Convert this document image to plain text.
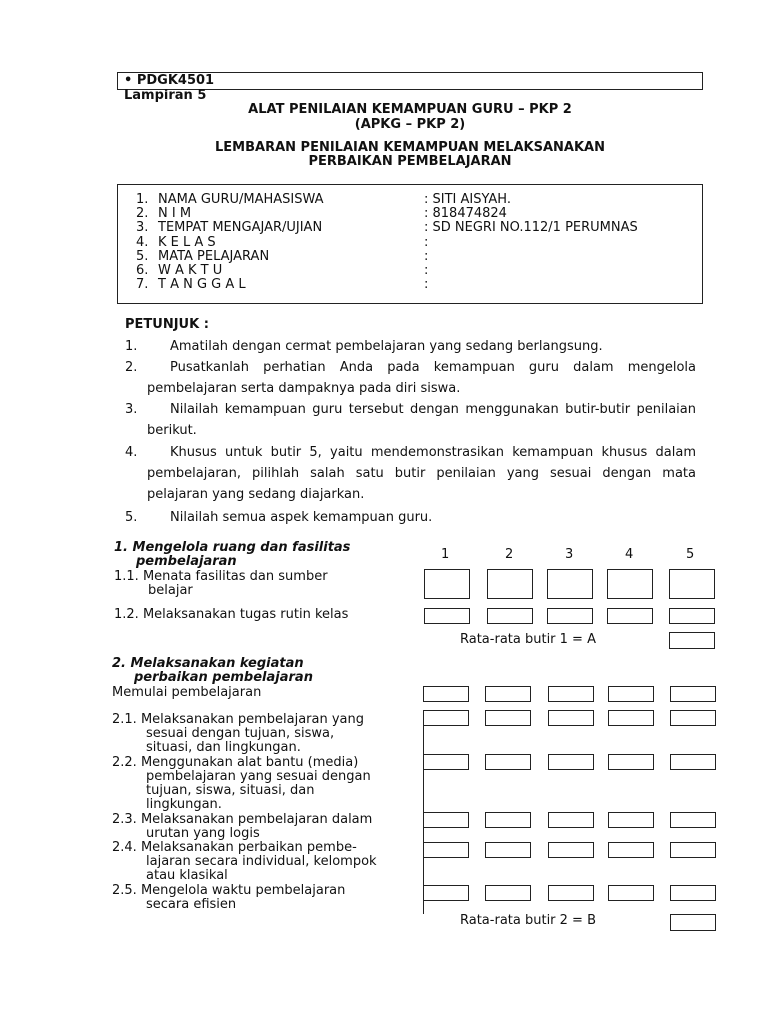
• PDGK4501
Lampiran 5
ALAT PENILAIAN KEMAMPUAN GURU – PKP 2
(APKG – PKP 2)
LEMBARAN PENILAIAN KEMAMPUAN MELAKSANAKAN
PERBAIKAN PEMBELAJARAN
1. NAMA GURU/MAHASISWA	: SITI AISYAH.
2. N I M	: 818474824
3. TEMPAT MENGAJAR/UJIAN	: SD NEGRI NO.112/1 PERUMNAS
4. K E L A S	:
5. MATA PELAJARAN	:
6. W A K T U	:
7. T A N G G A L	:
PETUNJUK :
1.	Amatilah dengan cermat pembelajaran yang sedang berlangsung.
2.	Pusatkanlah perhatian Anda pada kemampuan guru dalam mengelola pembelajaran serta dampaknya pada diri siswa.
3.	Nilailah kemampuan guru tersebut dengan menggunakan butir-butir penilaian berikut.
4.	Khusus untuk butir 5, yaitu mendemonstrasikan kemampuan khusus dalam pembelajaran, pilihlah salah satu butir penilaian yang sesuai dengan mata pelajaran yang sedang diajarkan.
5.	Nilailah semua aspek kemampuan guru.
1	2	3	4	5
1. Mengelola ruang dan fasilitas
pembelajaran
1.1. Menata fasilitas dan sumber
belajar
1.2. Melaksanakan tugas rutin kelas
Rata-rata butir 1 = A
2. Melaksanakan kegiatan
perbaikan pembelajaran
Memulai pembelajaran
2.1. Melaksanakan pembelajaran yang
sesuai dengan tujuan, siswa,
situasi, dan lingkungan.
2.2. Menggunakan alat bantu (media)
pembelajaran yang sesuai dengan
tujuan, siswa, situasi, dan
lingkungan.
2.3. Melaksanakan pembelajaran dalam
urutan yang logis
2.4. Melaksanakan perbaikan pembe-
lajaran secara individual, kelompok
atau klasikal
2.5. Mengelola waktu pembelajaran
secara efisien
Rata-rata butir 2 = B
